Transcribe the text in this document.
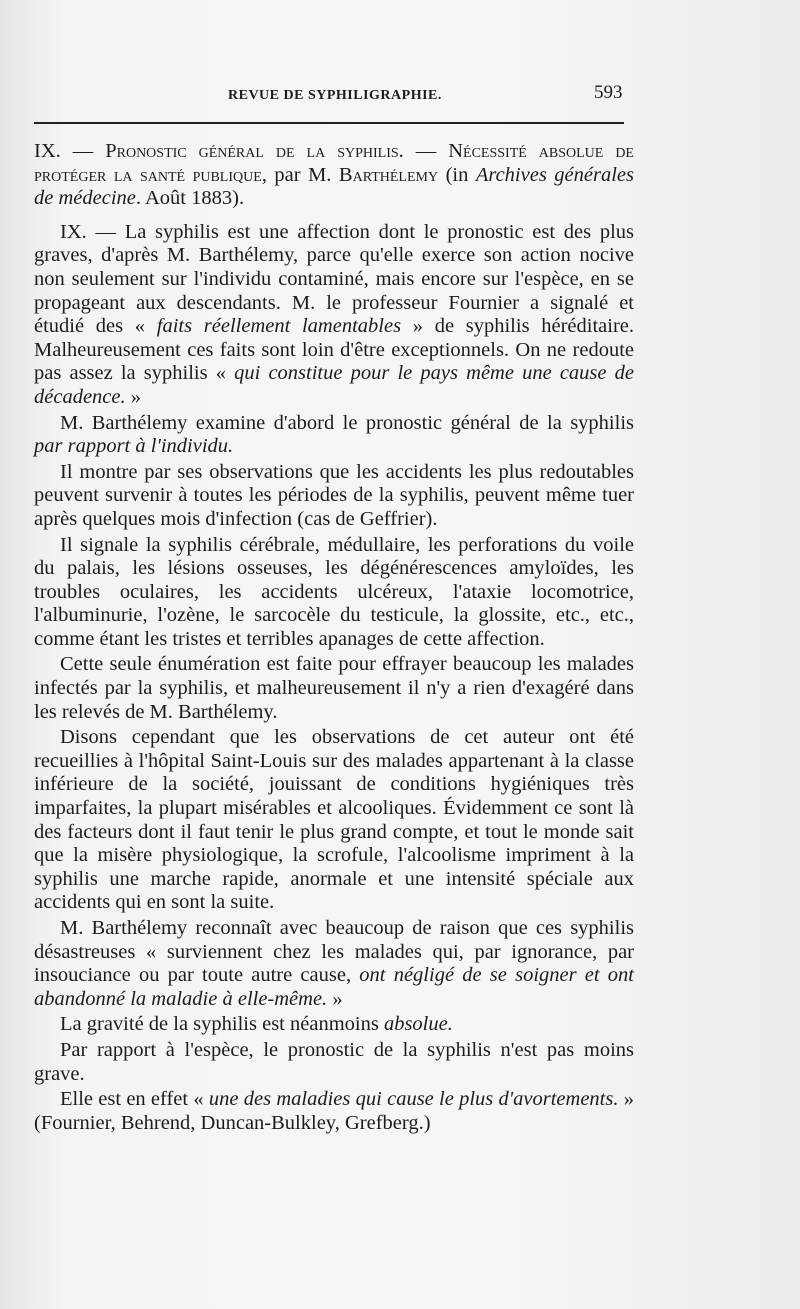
REVUE DE SYPHILIGRAPHIE.	593

IX. — Pronostic général de la syphilis. — Nécessité absolue de protéger la santé publique, par M. Barthélemy (in Archives générales de médecine. Août 1883).

IX. — La syphilis est une affection dont le pronostic est des plus graves, d'après M. Barthélemy, parce qu'elle exerce son action nocive non seulement sur l'individu contaminé, mais encore sur l'espèce, en se propageant aux descendants. M. le professeur Fournier a signalé et étudié des « faits réellement lamentables » de syphilis héréditaire. Malheureusement ces faits sont loin d'être exceptionnels. On ne redoute pas assez la syphilis « qui constitue pour le pays même une cause de décadence. »

M. Barthélemy examine d'abord le pronostic général de la syphilis par rapport à l'individu.

Il montre par ses observations que les accidents les plus redoutables peuvent survenir à toutes les périodes de la syphilis, peuvent même tuer après quelques mois d'infection (cas de Geffrier).

Il signale la syphilis cérébrale, médullaire, les perforations du voile du palais, les lésions osseuses, les dégénérescences amyloïdes, les troubles oculaires, les accidents ulcéreux, l'ataxie locomotrice, l'albuminurie, l'ozène, le sarcocèle du testicule, la glossite, etc., etc., comme étant les tristes et terribles apanages de cette affection.

Cette seule énumération est faite pour effrayer beaucoup les malades infectés par la syphilis, et malheureusement il n'y a rien d'exagéré dans les relevés de M. Barthélemy.

Disons cependant que les observations de cet auteur ont été recueillies à l'hôpital Saint-Louis sur des malades appartenant à la classe inférieure de la société, jouissant de conditions hygiéniques très imparfaites, la plupart misérables et alcooliques. Évidemment ce sont là des facteurs dont il faut tenir le plus grand compte, et tout le monde sait que la misère physiologique, la scrofule, l'alcoolisme impriment à la syphilis une marche rapide, anormale et une intensité spéciale aux accidents qui en sont la suite.

M. Barthélemy reconnaît avec beaucoup de raison que ces syphilis désastreuses « surviennent chez les malades qui, par ignorance, par insouciance ou par toute autre cause, ont négligé de se soigner et ont abandonné la maladie à elle-même. »

La gravité de la syphilis est néanmoins absolue.

Par rapport à l'espèce, le pronostic de la syphilis n'est pas moins grave.

Elle est en effet « une des maladies qui cause le plus d'avortements. » (Fournier, Behrend, Duncan-Bulkley, Grefberg.)
